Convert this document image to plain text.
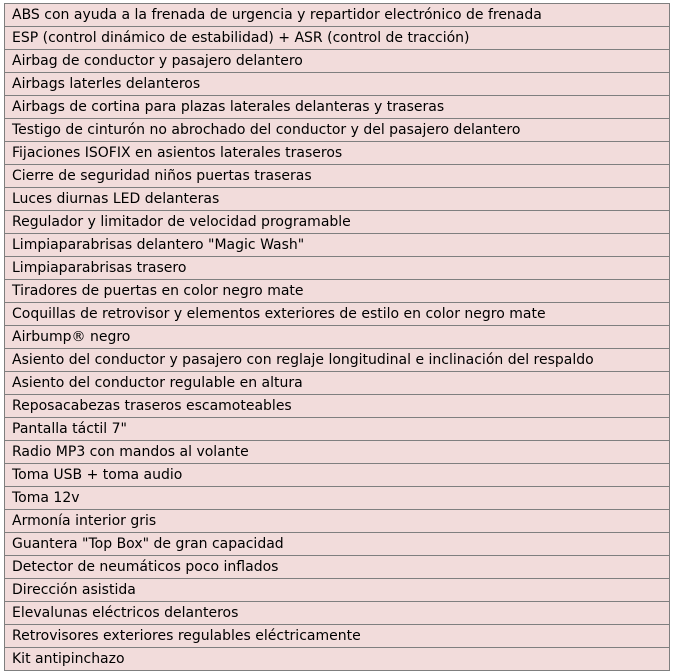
ABS con ayuda a la frenada de urgencia y repartidor electrónico de frenada
ESP (control dinámico de estabilidad) + ASR (control de tracción)
Airbag de conductor y pasajero delantero
Airbags laterles delanteros
Airbags de cortina para plazas laterales delanteras y traseras
Testigo de cinturón no abrochado del conductor y del pasajero delantero
Fijaciones ISOFIX en asientos laterales traseros
Cierre de seguridad niños puertas traseras
Luces diurnas LED delanteras
Regulador y limitador de velocidad programable
Limpiaparabrisas delantero "Magic Wash"
Limpiaparabrisas trasero
Tiradores de puertas en color negro mate
Coquillas de retrovisor y elementos exteriores de estilo en color negro mate
Airbump® negro
Asiento del conductor y pasajero con reglaje longitudinal e inclinación del respaldo
Asiento del conductor regulable en altura
Reposacabezas traseros escamoteables
Pantalla táctil 7"
Radio MP3 con mandos al volante
Toma USB + toma audio
Toma 12v
Armonía interior gris
Guantera "Top Box" de gran capacidad
Detector de neumáticos poco inflados
Dirección asistida
Elevalunas eléctricos delanteros
Retrovisores exteriores regulables eléctricamente
Kit antipinchazo
